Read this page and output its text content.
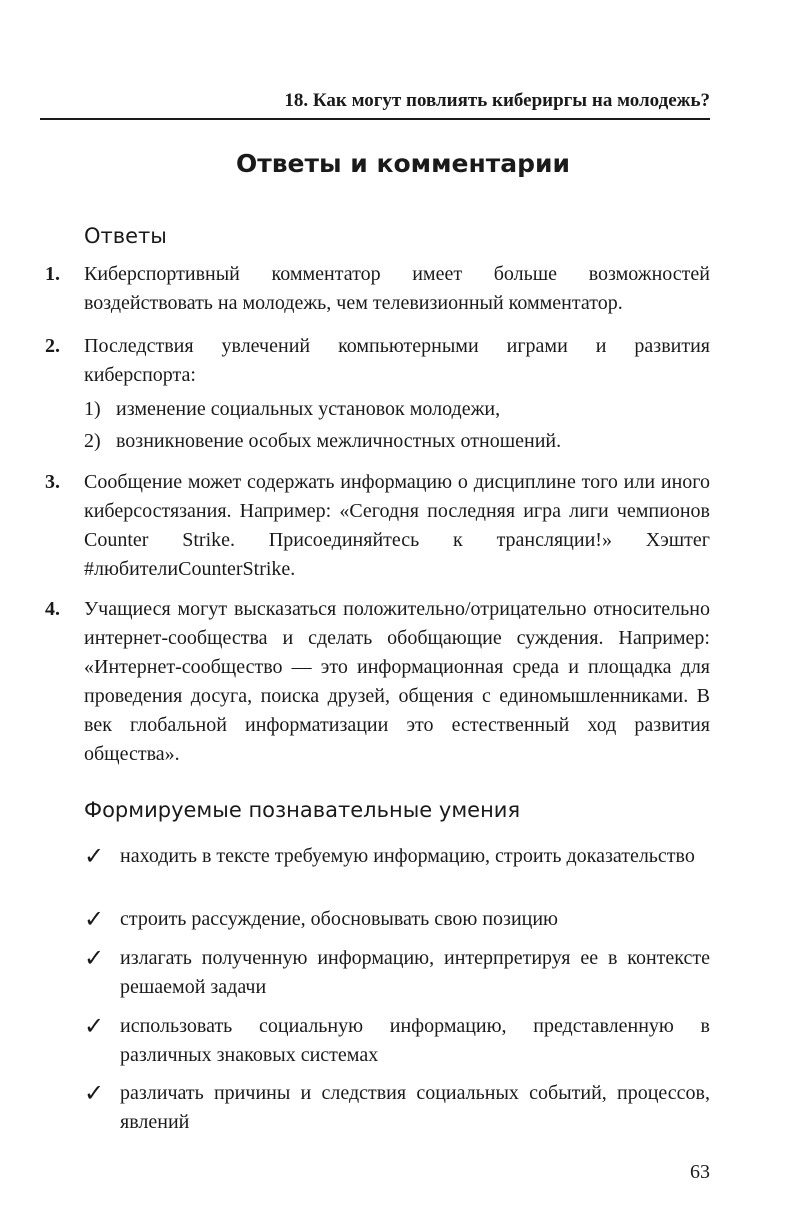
18. Как могут повлиять кибериргы на молодежь?
Ответы и комментарии
Ответы
1. Киберспортивный комментатор имеет больше возможностей воздействовать на молодежь, чем телевизионный комментатор.
2. Последствия увлечений компьютерными играми и развития киберспорта:
1) изменение социальных установок молодежи,
2) возникновение особых межличностных отношений.
3. Сообщение может содержать информацию о дисциплине того или иного киберсостязания. Например: «Сегодня последняя игра лиги чемпионов Counter Strike. Присоединяйтесь к трансляции!» Хэштег #любителиCounterStrike.
4. Учащиеся могут высказаться положительно/отрицательно относительно интернет-сообщества и сделать обобщающие суждения. Например: «Интернет-сообщество — это информационная среда и площадка для проведения досуга, поиска друзей, общения с единомышленниками. В век глобальной информатизации это естественный ход развития общества».
Формируемые познавательные умения
✓ находить в тексте требуемую информацию, строить доказательство
✓ строить рассуждение, обосновывать свою позицию
✓ излагать полученную информацию, интерпретируя ее в контексте решаемой задачи
✓ использовать социальную информацию, представленную в различных знаковых системах
✓ различать причины и следствия социальных событий, процессов, явлений
63
